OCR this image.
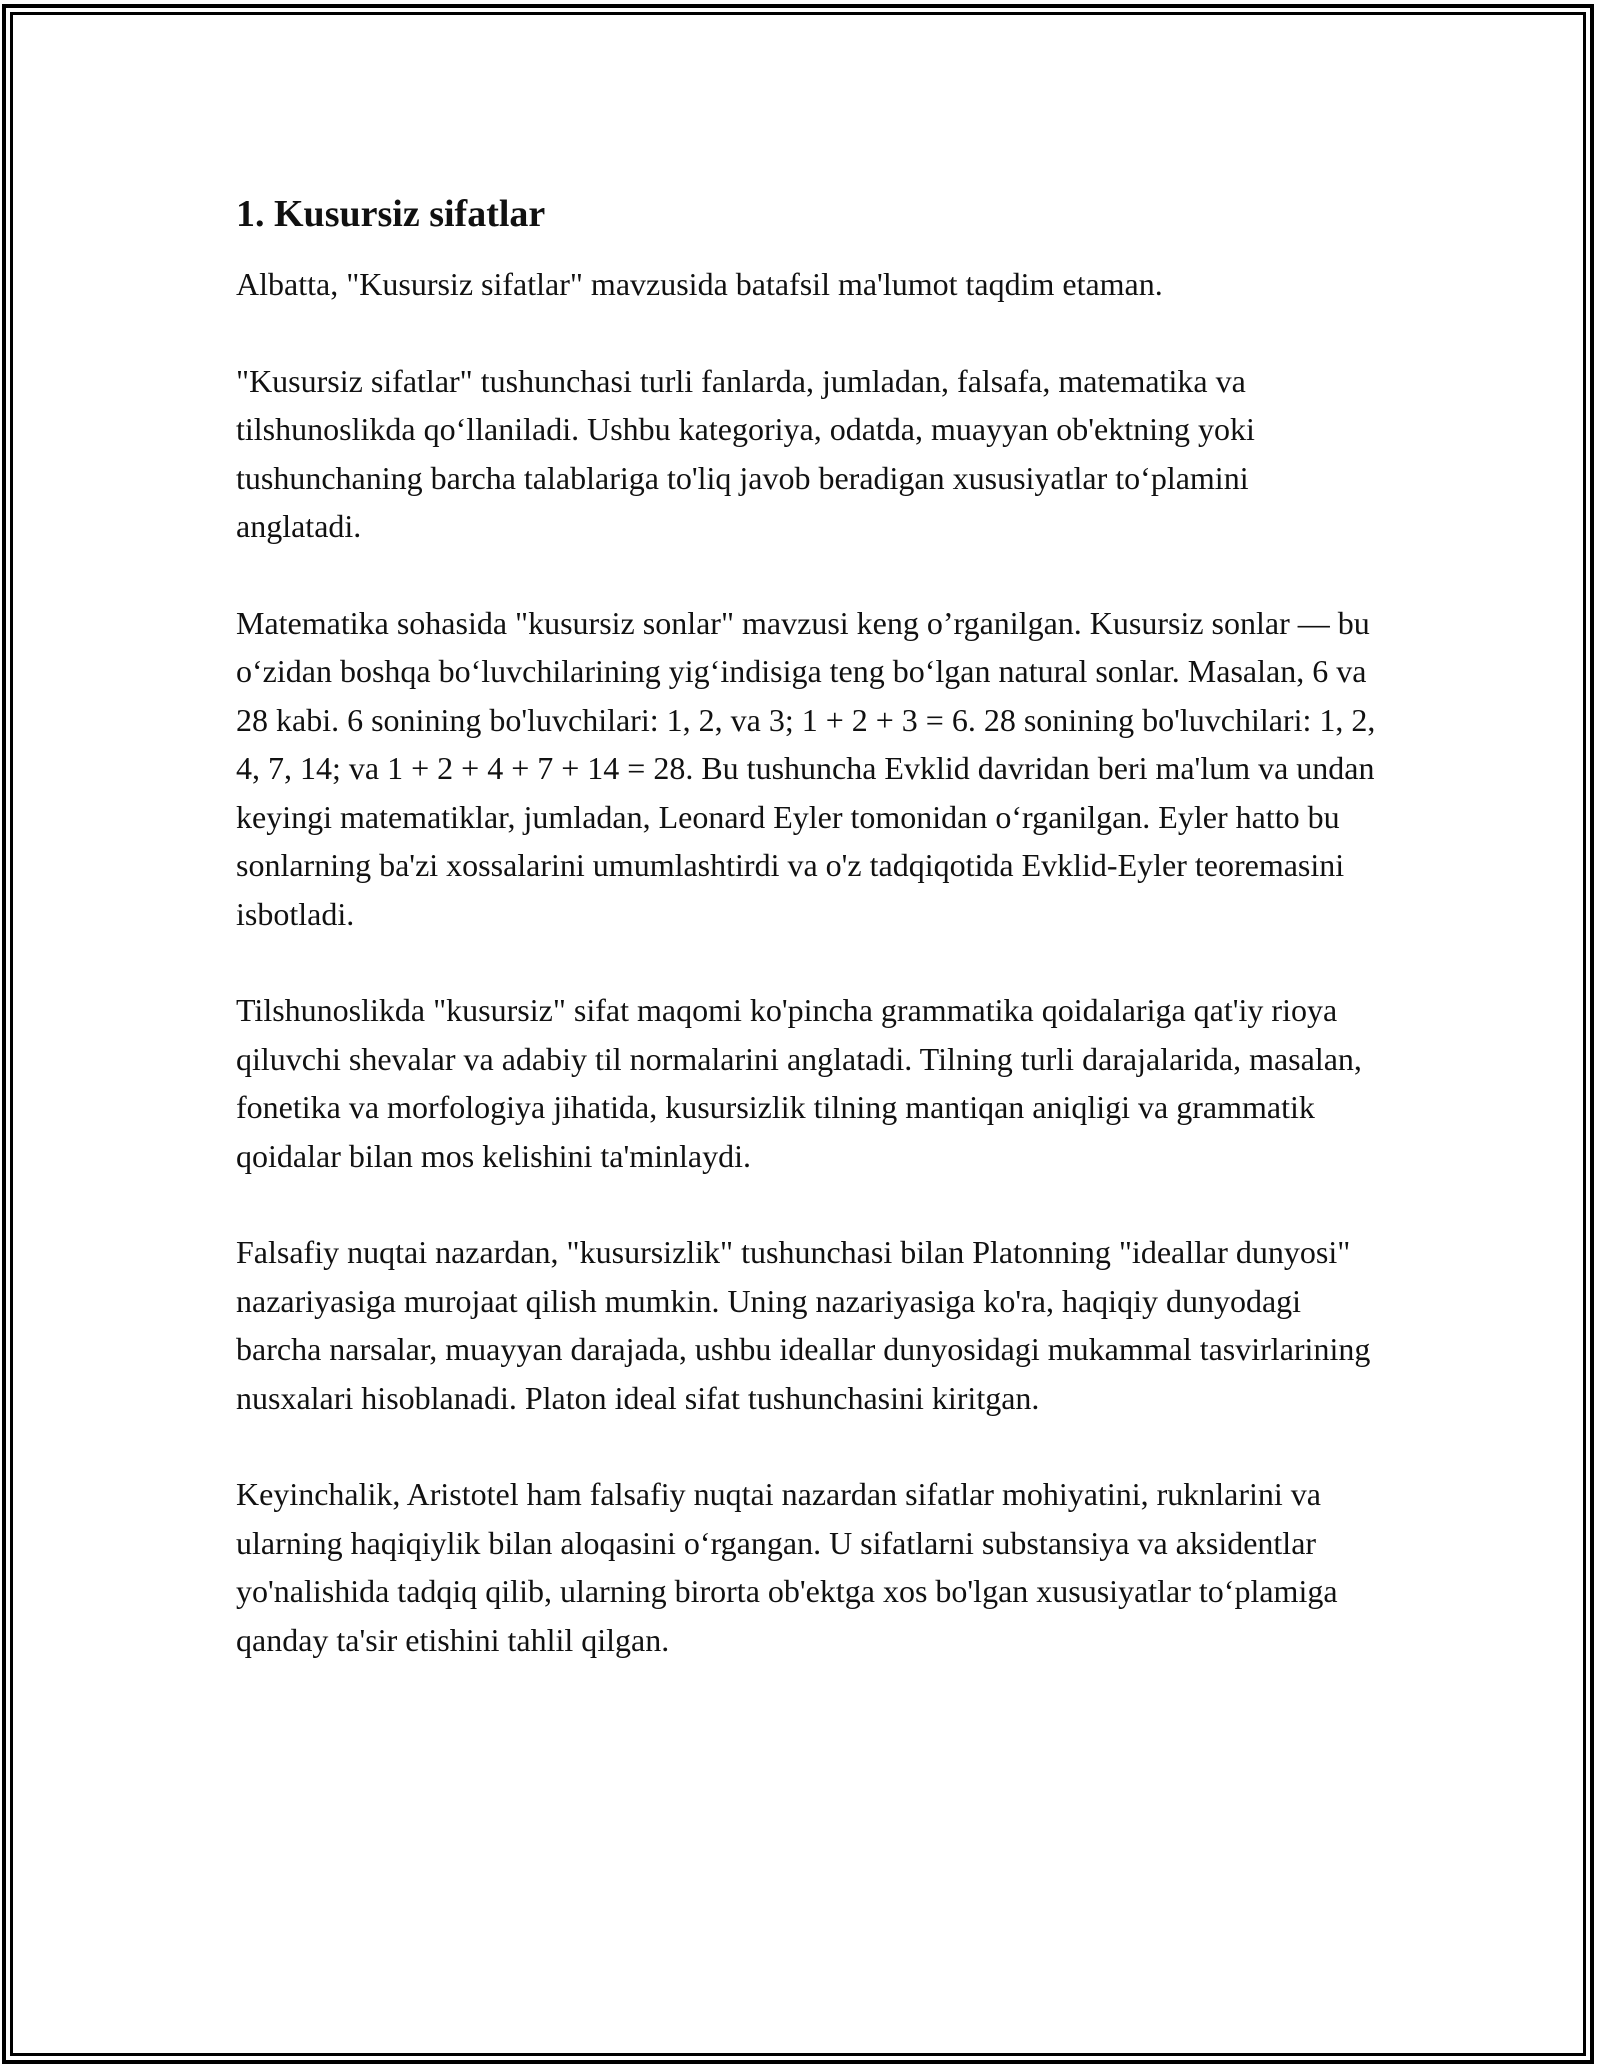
1. Kusursiz sifatlar

Albatta, "Kusursiz sifatlar" mavzusida batafsil ma'lumot taqdim etaman.

"Kusursiz sifatlar" tushunchasi turli fanlarda, jumladan, falsafa, matematika va tilshunoslikda qoʻllaniladi. Ushbu kategoriya, odatda, muayyan ob'ektning yoki tushunchaning barcha talablariga to'liq javob beradigan xususiyatlar toʻplamini anglatadi.

Matematika sohasida "kusursiz sonlar" mavzusi keng oʼrganilgan. Kusursiz sonlar — bu oʻzidan boshqa boʻluvchilarining yigʻindisiga teng boʻlgan natural sonlar. Masalan, 6 va 28 kabi. 6 sonining bo'luvchilari: 1, 2, va 3; 1 + 2 + 3 = 6. 28 sonining bo'luvchilari: 1, 2, 4, 7, 14; va 1 + 2 + 4 + 7 + 14 = 28. Bu tushuncha Evklid davridan beri ma'lum va undan keyingi matematiklar, jumladan, Leonard Eyler tomonidan oʻrganilgan. Eyler hatto bu sonlarning ba'zi xossalarini umumlashtirdi va o'z tadqiqotida Evklid-Eyler teoremasini isbotladi.

Tilshunoslikda "kusursiz" sifat maqomi ko'pincha grammatika qoidalariga qat'iy rioya qiluvchi shevalar va adabiy til normalarini anglatadi. Tilning turli darajalarida, masalan, fonetika va morfologiya jihatida, kusursizlik tilning mantiqan aniqligi va grammatik qoidalar bilan mos kelishini ta'minlaydi.

Falsafiy nuqtai nazardan, "kusursizlik" tushunchasi bilan Platonning "ideallar dunyosi" nazariyasiga murojaat qilish mumkin. Uning nazariyasiga ko'ra, haqiqiy dunyodagi barcha narsalar, muayyan darajada, ushbu ideallar dunyosidagi mukammal tasvirlarining nusxalari hisoblanadi. Platon ideal sifat tushunchasini kiritgan.

Keyinchalik, Aristotel ham falsafiy nuqtai nazardan sifatlar mohiyatini, ruknlarini va ularning haqiqiylik bilan aloqasini oʻrgangan. U sifatlarni substansiya va aksidentlar yo'nalishida tadqiq qilib, ularning birorta ob'ektga xos bo'lgan xususiyatlar toʻplamiga qanday ta'sir etishini tahlil qilgan.
